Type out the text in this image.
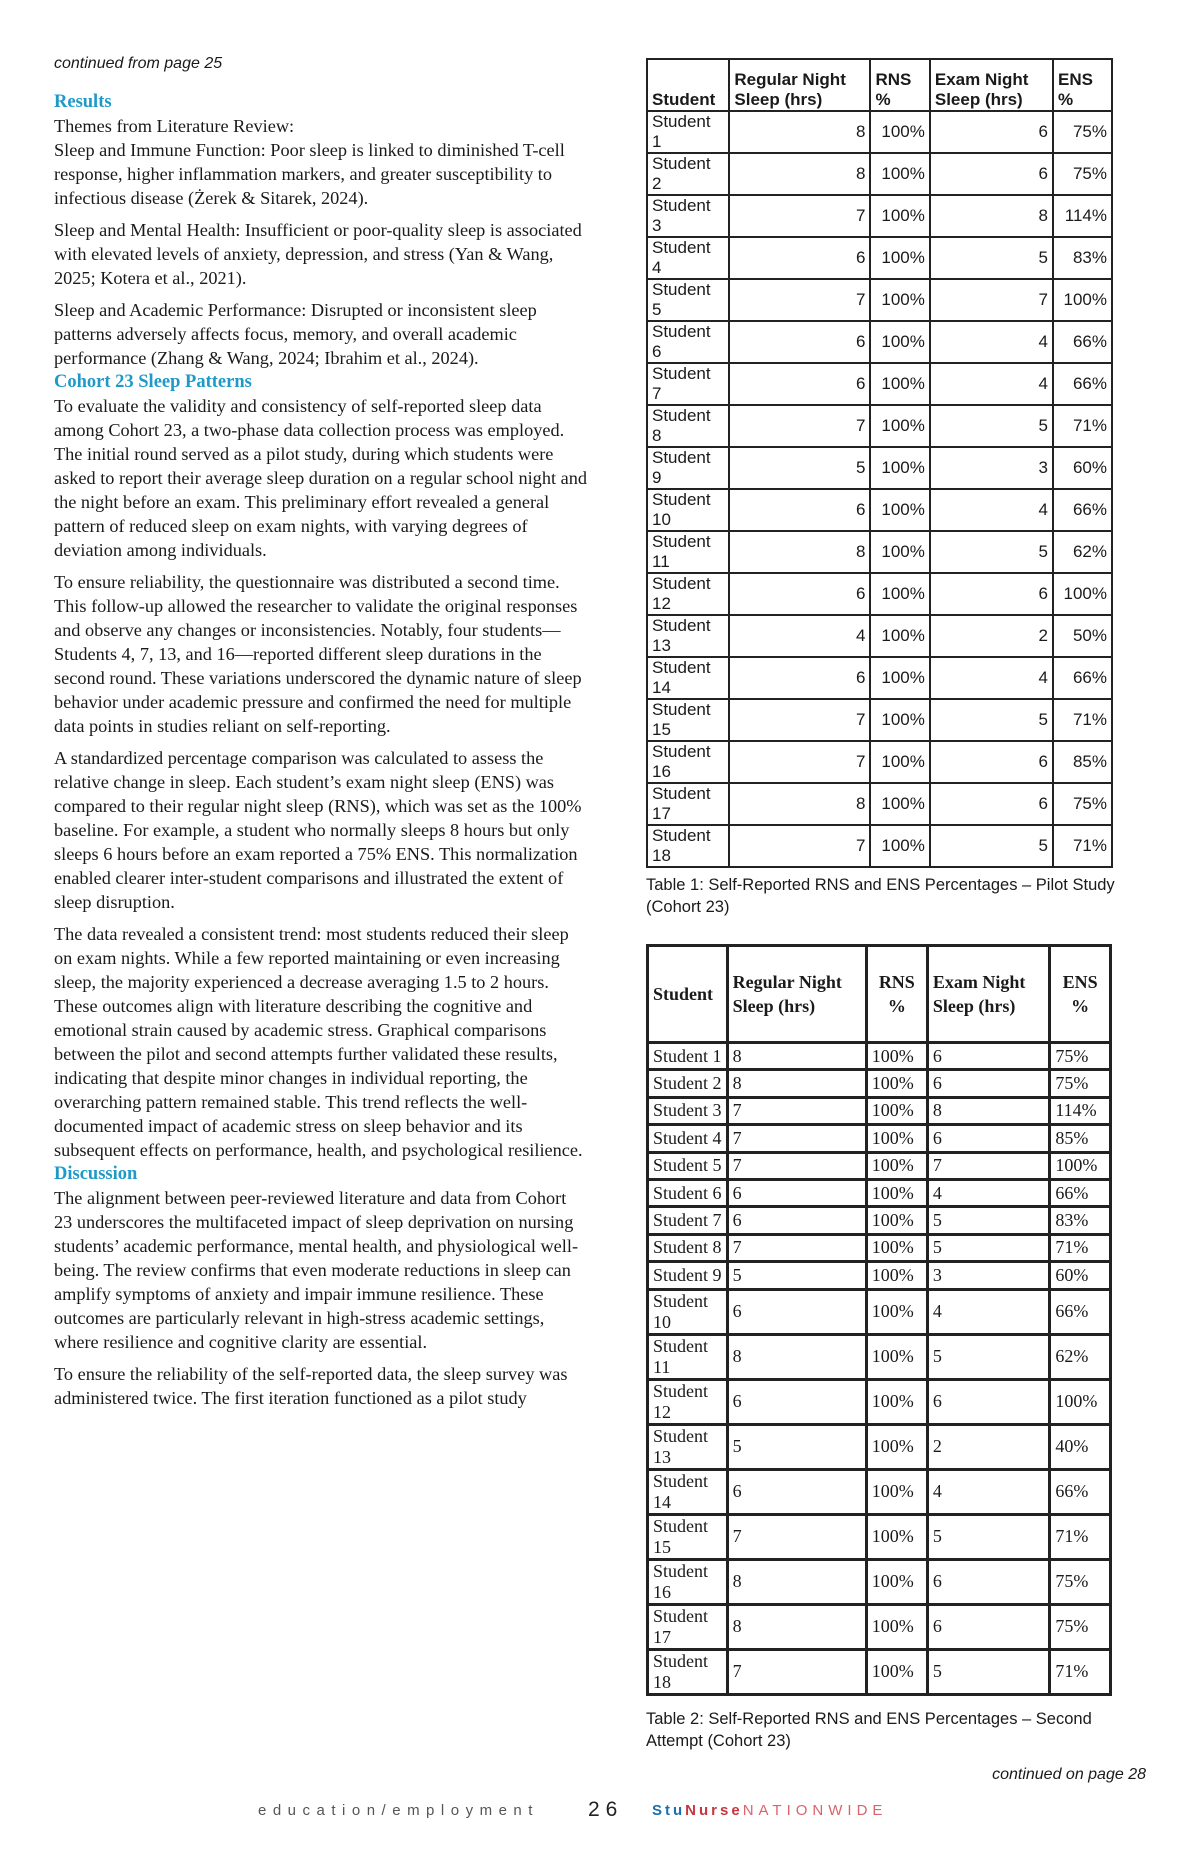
continued from page 25
Results

Themes from Literature Review:

Sleep and Immune Function: Poor sleep is linked to diminished T-cell response, higher inflammation markers, and greater susceptibility to infectious disease (Żerek & Sitarek, 2024).

Sleep and Mental Health: Insufficient or poor-quality sleep is associated with elevated levels of anxiety, depression, and stress (Yan & Wang, 2025; Kotera et al., 2021).

Sleep and Academic Performance: Disrupted or inconsistent sleep patterns adversely affects focus, memory, and overall academic performance (Zhang & Wang, 2024; Ibrahim et al., 2024).

Cohort 23 Sleep Patterns

To evaluate the validity and consistency of self-reported sleep data among Cohort 23, a two-phase data collection process was employed. The initial round served as a pilot study, during which students were asked to report their average sleep duration on a regular school night and the night before an exam. This preliminary effort revealed a general pattern of reduced sleep on exam nights, with varying degrees of deviation among individuals.

To ensure reliability, the questionnaire was distributed a second time. This follow-up allowed the researcher to validate the original responses and observe any changes or inconsistencies. Notably, four students—Students 4, 7, 13, and 16—reported different sleep durations in the second round. These variations underscored the dynamic nature of sleep behavior under academic pressure and confirmed the need for multiple data points in studies reliant on self-reporting.

A standardized percentage comparison was calculated to assess the relative change in sleep. Each student’s exam night sleep (ENS) was compared to their regular night sleep (RNS), which was set as the 100% baseline. For example, a student who normally sleeps 8 hours but only sleeps 6 hours before an exam reported a 75% ENS. This normalization enabled clearer inter-student comparisons and illustrated the extent of sleep disruption.

The data revealed a consistent trend: most students reduced their sleep on exam nights. While a few reported maintaining or even increasing sleep, the majority experienced a decrease averaging 1.5 to 2 hours. These outcomes align with literature describing the cognitive and emotional strain caused by academic stress. Graphical comparisons between the pilot and second attempts further validated these results, indicating that despite minor changes in individual reporting, the overarching pattern remained stable. This trend reflects the well-documented impact of academic stress on sleep behavior and its subsequent effects on performance, health, and psychological resilience.

Discussion

The alignment between peer-reviewed literature and data from Cohort 23 underscores the multifaceted impact of sleep deprivation on nursing students’ academic performance, mental health, and physiological well-being. The review confirms that even moderate reductions in sleep can amplify symptoms of anxiety and impair immune resilience. These outcomes are particularly relevant in high-stress academic settings, where resilience and cognitive clarity are essential.

To ensure the reliability of the self-reported data, the sleep survey was administered twice. The first iteration functioned as a pilot study

Student	Regular Night Sleep (hrs)	RNS %	Exam Night Sleep (hrs)	ENS %
Student 1	8	100%	6	75%
Student 2	8	100%	6	75%
Student 3	7	100%	8	114%
Student 4	6	100%	5	83%
Student 5	7	100%	7	100%
Student 6	6	100%	4	66%
Student 7	6	100%	4	66%
Student 8	7	100%	5	71%
Student 9	5	100%	3	60%
Student 10	6	100%	4	66%
Student 11	8	100%	5	62%
Student 12	6	100%	6	100%
Student 13	4	100%	2	50%
Student 14	6	100%	4	66%
Student 15	7	100%	5	71%
Student 16	7	100%	6	85%
Student 17	8	100%	6	75%
Student 18	7	100%	5	71%
Table 1: Self-Reported RNS and ENS Percentages – Pilot Study (Cohort 23)
Student	Regular Night Sleep (hrs)	RNS %	Exam Night Sleep (hrs)	ENS %
Student 1	8	100%	6	75%
Student 2	8	100%	6	75%
Student 3	7	100%	8	114%
Student 4	7	100%	6	85%
Student 5	7	100%	7	100%
Student 6	6	100%	4	66%
Student 7	6	100%	5	83%
Student 8	7	100%	5	71%
Student 9	5	100%	3	60%
Student 10	6	100%	4	66%
Student 11	8	100%	5	62%
Student 12	6	100%	6	100%
Student 13	5	100%	2	40%
Student 14	6	100%	4	66%
Student 15	7	100%	5	71%
Student 16	8	100%	6	75%
Student 17	8	100%	6	75%
Student 18	7	100%	5	71%
Table 2: Self-Reported RNS and ENS Percentages – Second Attempt (Cohort 23)
continued on page 28
education/employment 26 StuNurseNATIONWIDE
